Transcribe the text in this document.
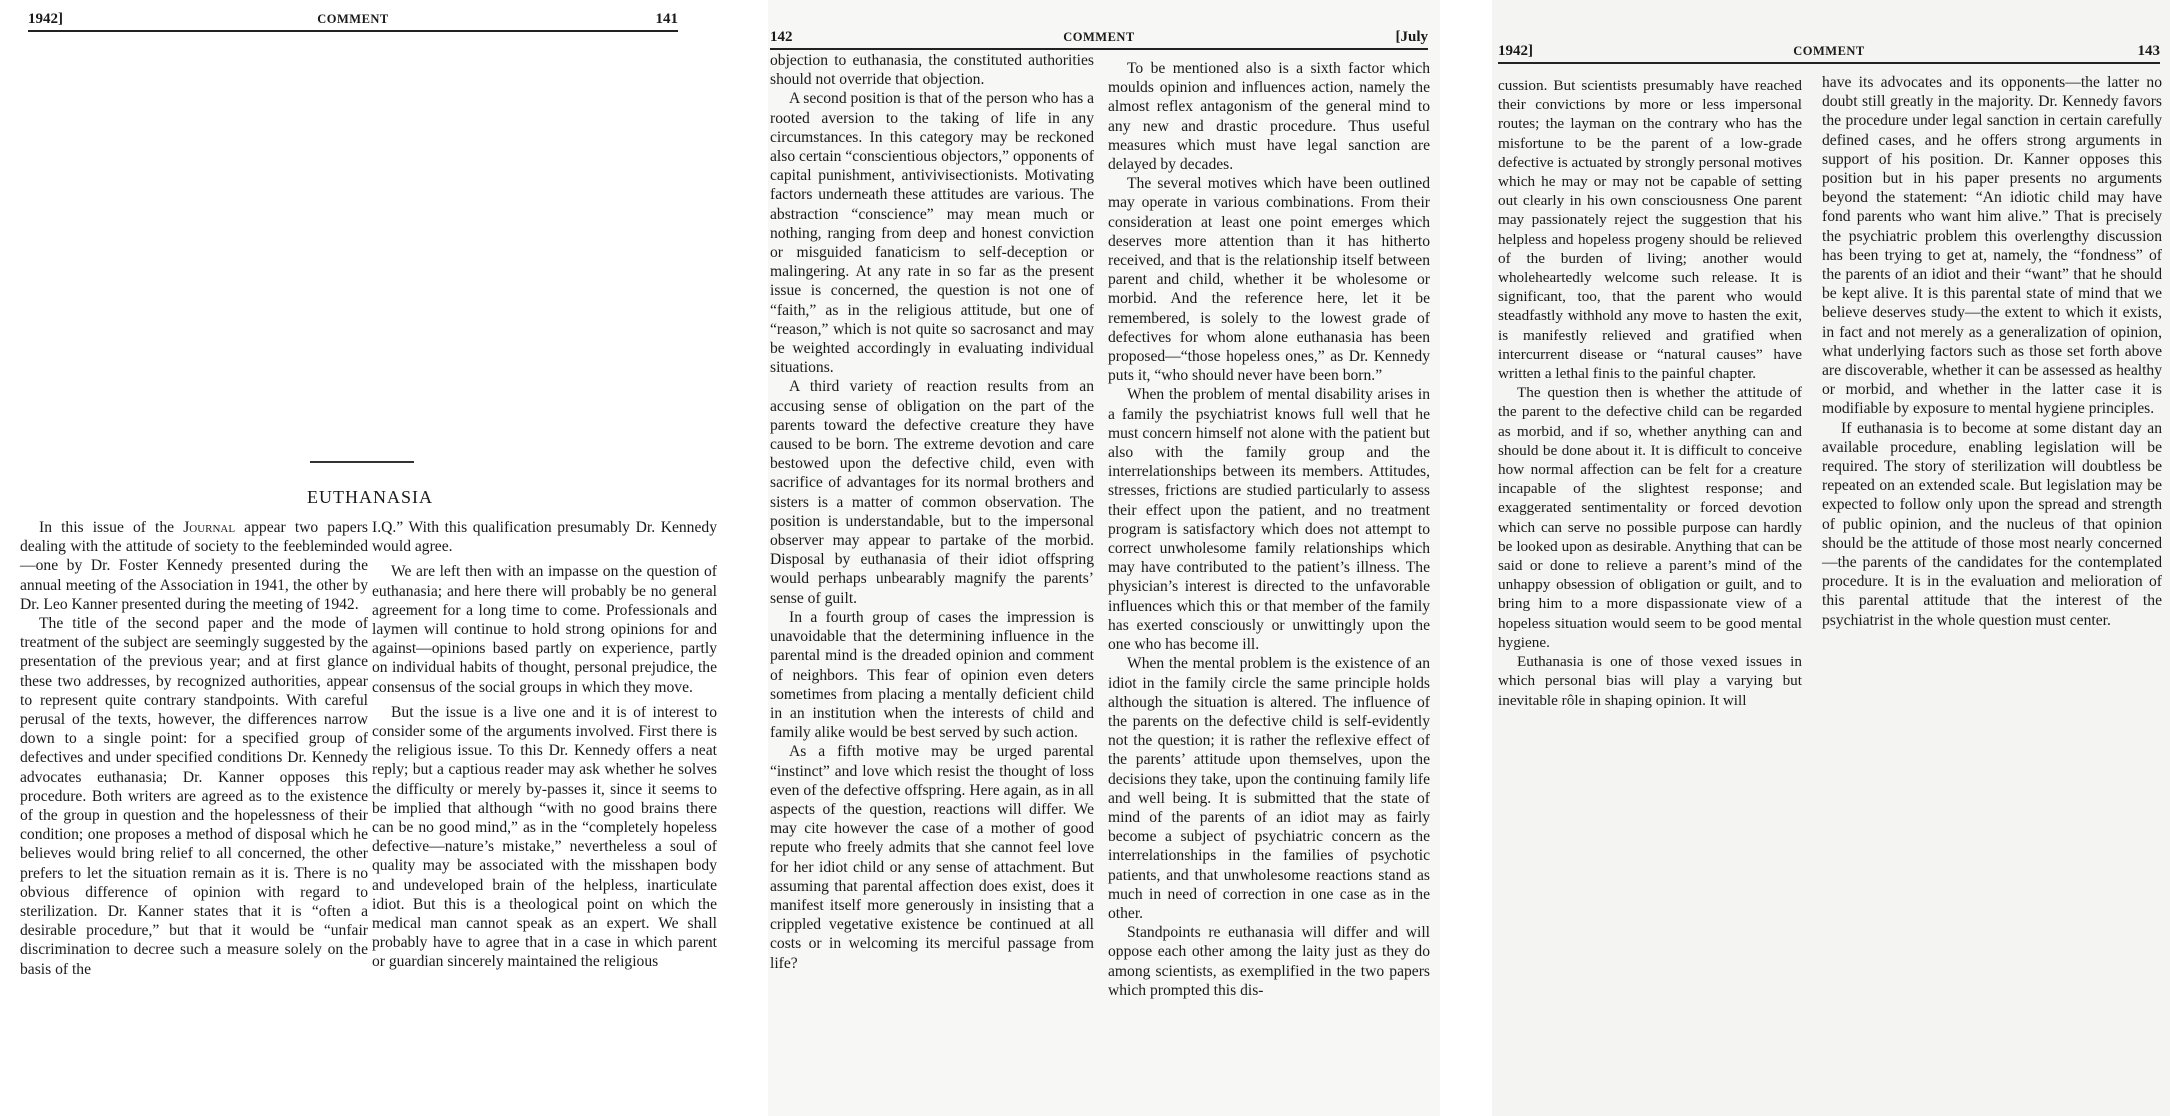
1942]	COMMENT	141
EUTHANASIA

In this issue of the Journal appear two papers dealing with the attitude of society to the feebleminded—one by Dr. Foster Kennedy presented during the annual meeting of the Association in 1941, the other by Dr. Leo Kanner presented during the meeting of 1942.

The title of the second paper and the mode of treatment of the subject are seemingly suggested by the presentation of the previous year; and at first glance these two addresses, by recognized authorities, appear to represent quite contrary standpoints. With careful perusal of the texts, however, the differences narrow down to a single point: for a specified group of defectives and under specified conditions Dr. Kennedy advocates euthanasia; Dr. Kanner opposes this procedure. Both writers are agreed as to the existence of the group in question and the hopelessness of their condition; one proposes a method of disposal which he believes would bring relief to all concerned, the other prefers to let the situation remain as it is. There is no obvious difference of opinion with regard to sterilization. Dr. Kanner states that it is “often a desirable procedure,” but that it would be “unfair discrimination to decree such a measure solely on the basis of the

I.Q.” With this qualification presumably Dr. Kennedy would agree.

We are left then with an impasse on the question of euthanasia; and here there will probably be no general agreement for a long time to come. Professionals and laymen will continue to hold strong opinions for and against—opinions based partly on experience, partly on individual habits of thought, personal prejudice, the consensus of the social groups in which they move.

But the issue is a live one and it is of interest to consider some of the arguments involved. First there is the religious issue. To this Dr. Kennedy offers a neat reply; but a captious reader may ask whether he solves the difficulty or merely by-passes it, since it seems to be implied that although “with no good brains there can be no good mind,” as in the “completely hopeless defective—nature’s mistake,” nevertheless a soul of quality may be associated with the misshapen body and undeveloped brain of the helpless, inarticulate idiot. But this is a theological point on which the medical man cannot speak as an expert. We shall probably have to agree that in a case in which parent or guardian sincerely maintained the religious

142	COMMENT	[July

objection to euthanasia, the constituted authorities should not override that objection.

A second position is that of the person who has a rooted aversion to the taking of life in any circumstances. In this category may be reckoned also certain “conscientious objectors,” opponents of capital punishment, antivivisectionists. Motivating factors underneath these attitudes are various. The abstraction “conscience” may mean much or nothing, ranging from deep and honest conviction or misguided fanaticism to self-deception or malingering. At any rate in so far as the present issue is concerned, the question is not one of “faith,” as in the religious attitude, but one of “reason,” which is not quite so sacrosanct and may be weighted accordingly in evaluating individual situations.

A third variety of reaction results from an accusing sense of obligation on the part of the parents toward the defective creature they have caused to be born. The extreme devotion and care bestowed upon the defective child, even with sacrifice of advantages for its normal brothers and sisters is a matter of common observation. The position is understandable, but to the impersonal observer may appear to partake of the morbid. Disposal by euthanasia of their idiot offspring would perhaps unbearably magnify the parents’ sense of guilt.

In a fourth group of cases the impression is unavoidable that the determining influence in the parental mind is the dreaded opinion and comment of neighbors. This fear of opinion even deters sometimes from placing a mentally deficient child in an institution when the interests of child and family alike would be best served by such action.

As a fifth motive may be urged parental “instinct” and love which resist the thought of loss even of the defective offspring. Here again, as in all aspects of the question, reactions will differ. We may cite however the case of a mother of good repute who freely admits that she cannot feel love for her idiot child or any sense of attachment. But assuming that parental affection does exist, does it manifest itself more generously in insisting that a crippled vegetative existence be continued at all costs or in welcoming its merciful passage from life?

To be mentioned also is a sixth factor which moulds opinion and influences action, namely the almost reflex antagonism of the general mind to any new and drastic procedure. Thus useful measures which must have legal sanction are delayed by decades.

The several motives which have been outlined may operate in various combinations. From their consideration at least one point emerges which deserves more attention than it has hitherto received, and that is the relationship itself between parent and child, whether it be wholesome or morbid. And the reference here, let it be remembered, is solely to the lowest grade of defectives for whom alone euthanasia has been proposed—“those hopeless ones,” as Dr. Kennedy puts it, “who should never have been born.”

When the problem of mental disability arises in a family the psychiatrist knows full well that he must concern himself not alone with the patient but also with the family group and the interrelationships between its members. Attitudes, stresses, frictions are studied particularly to assess their effect upon the patient, and no treatment program is satisfactory which does not attempt to correct unwholesome family relationships which may have contributed to the patient’s illness. The physician’s interest is directed to the unfavorable influences which this or that member of the family has exerted consciously or unwittingly upon the one who has become ill.

When the mental problem is the existence of an idiot in the family circle the same principle holds although the situation is altered. The influence of the parents on the defective child is self-evidently not the question; it is rather the reflexive effect of the parents’ attitude upon themselves, upon the decisions they take, upon the continuing family life and well being. It is submitted that the state of mind of the parents of an idiot may as fairly become a subject of psychiatric concern as the interrelationships in the families of psychotic patients, and that unwholesome reactions stand as much in need of correction in one case as in the other.

Standpoints re euthanasia will differ and will oppose each other among the laity just as they do among scientists, as exemplified in the two papers which prompted this dis-

1942]	COMMENT	143

cussion. But scientists presumably have reached their convictions by more or less impersonal routes; the layman on the contrary who has the misfortune to be the parent of a low-grade defective is actuated by strongly personal motives which he may or may not be capable of setting out clearly in his own consciousness One parent may passionately reject the suggestion that his helpless and hopeless progeny should be relieved of the burden of living; another would wholeheartedly welcome such release. It is significant, too, that the parent who would steadfastly withhold any move to hasten the exit, is manifestly relieved and gratified when intercurrent disease or “natural causes” have written a lethal finis to the painful chapter.

The question then is whether the attitude of the parent to the defective child can be regarded as morbid, and if so, whether anything can and should be done about it. It is difficult to conceive how normal affection can be felt for a creature incapable of the slightest response; and exaggerated sentimentality or forced devotion which can serve no possible purpose can hardly be looked upon as desirable. Anything that can be said or done to relieve a parent’s mind of the unhappy obsession of obligation or guilt, and to bring him to a more dispassionate view of a hopeless situation would seem to be good mental hygiene.

Euthanasia is one of those vexed issues in which personal bias will play a varying but inevitable rôle in shaping opinion. It will

have its advocates and its opponents—the latter no doubt still greatly in the majority. Dr. Kennedy favors the procedure under legal sanction in certain carefully defined cases, and he offers strong arguments in support of his position. Dr. Kanner opposes this position but in his paper presents no arguments beyond the statement: “An idiotic child may have fond parents who want him alive.” That is precisely the psychiatric problem this overlengthy discussion has been trying to get at, namely, the “fondness” of the parents of an idiot and their “want” that he should be kept alive. It is this parental state of mind that we believe deserves study—the extent to which it exists, in fact and not merely as a generalization of opinion, what underlying factors such as those set forth above are discoverable, whether it can be assessed as healthy or morbid, and whether in the latter case it is modifiable by exposure to mental hygiene principles.

If euthanasia is to become at some distant day an available procedure, enabling legislation will be required. The story of sterilization will doubtless be repeated on an extended scale. But legislation may be expected to follow only upon the spread and strength of public opinion, and the nucleus of that opinion should be the attitude of those most nearly concerned—the parents of the candidates for the contemplated procedure. It is in the evaluation and melioration of this parental attitude that the interest of the psychiatrist in the whole question must center.
